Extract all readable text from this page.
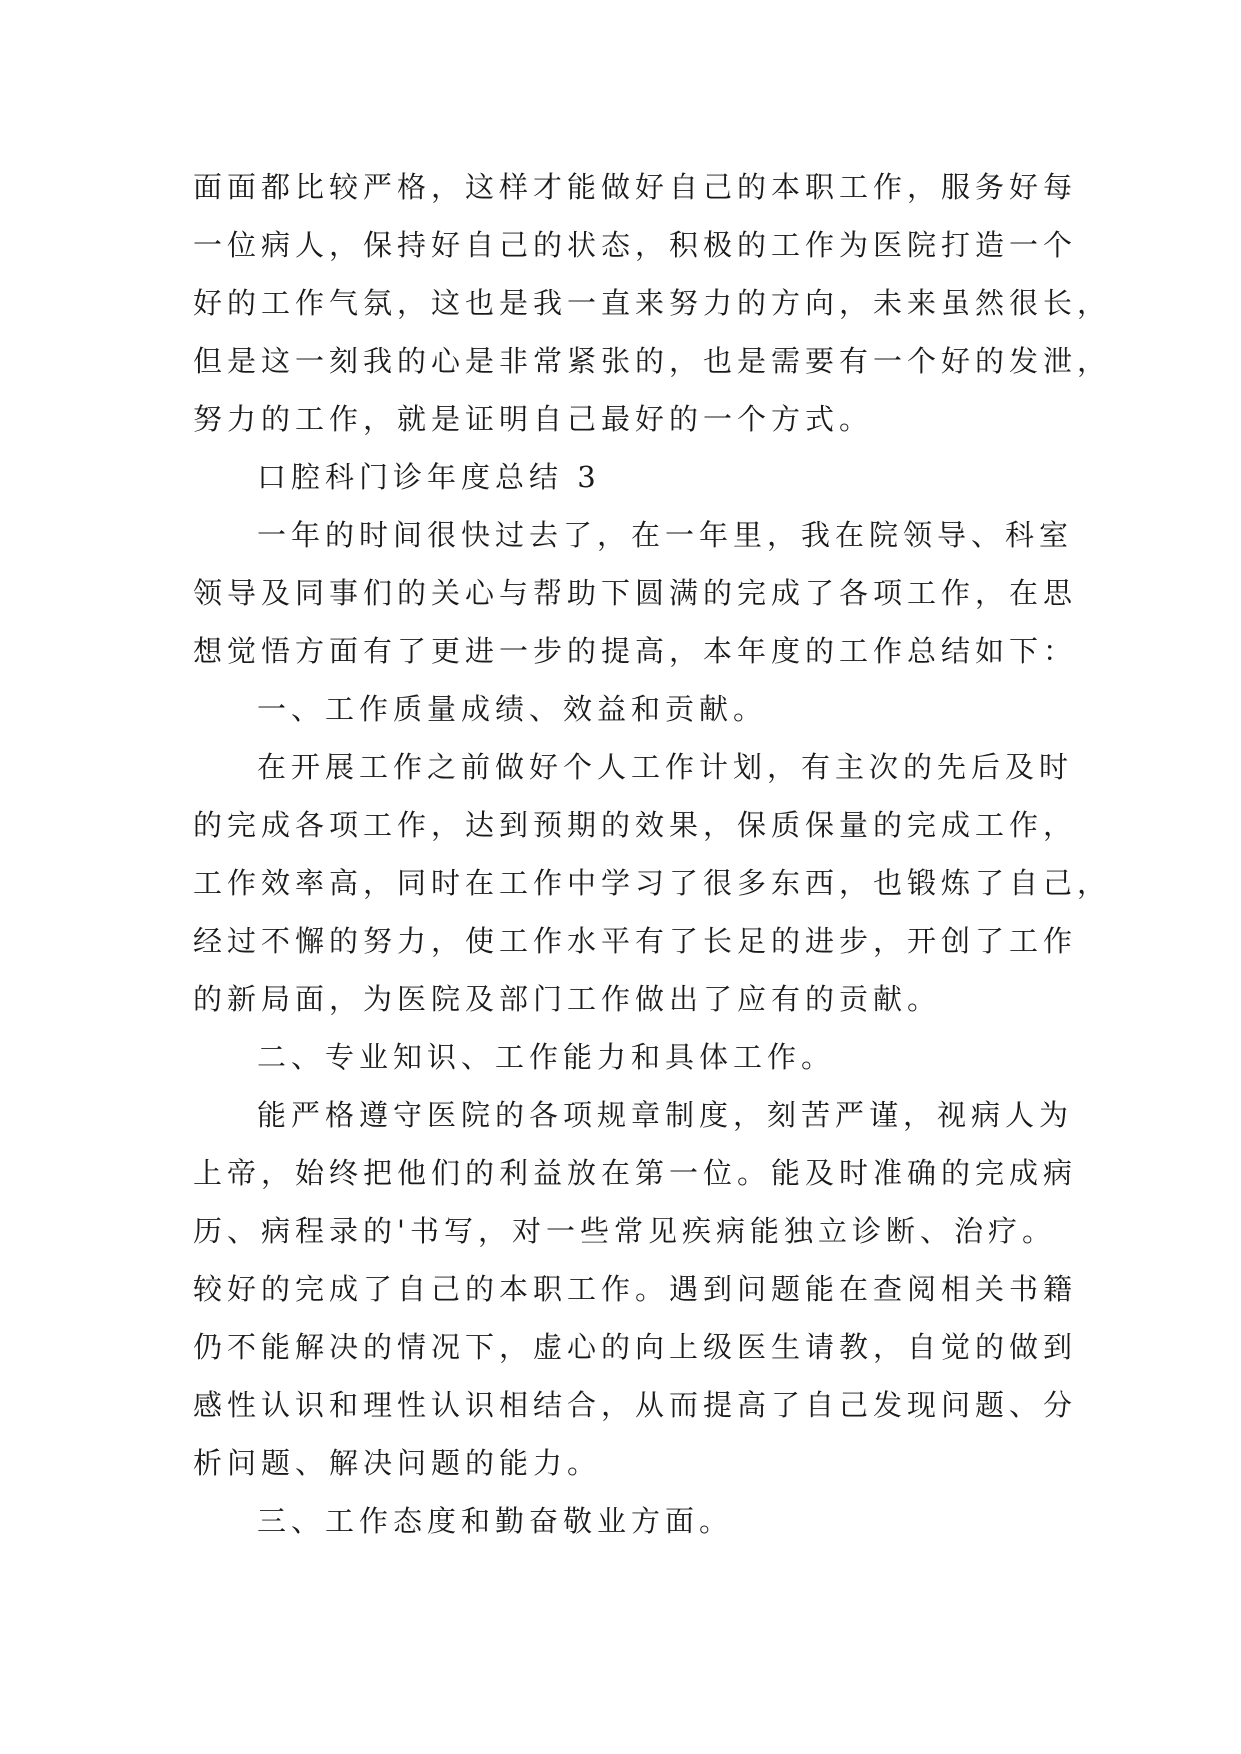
面面都比较严格，这样才能做好自己的本职工作，服务好每
一位病人，保持好自己的状态，积极的工作为医院打造一个
好的工作气氛，这也是我一直来努力的方向，未来虽然很长，
但是这一刻我的心是非常紧张的，也是需要有一个好的发泄，
努力的工作，就是证明自己最好的一个方式。
口腔科门诊年度总结 3
一年的时间很快过去了，在一年里，我在院领导、科室
领导及同事们的关心与帮助下圆满的完成了各项工作，在思
想觉悟方面有了更进一步的提高，本年度的工作总结如下：
一、工作质量成绩、效益和贡献。
在开展工作之前做好个人工作计划，有主次的先后及时
的完成各项工作，达到预期的效果，保质保量的完成工作，
工作效率高，同时在工作中学习了很多东西，也锻炼了自己，
经过不懈的努力，使工作水平有了长足的进步，开创了工作
的新局面，为医院及部门工作做出了应有的贡献。
二、专业知识、工作能力和具体工作。
能严格遵守医院的各项规章制度，刻苦严谨，视病人为
上帝，始终把他们的利益放在第一位。能及时准确的完成病
历、病程录的'书写，对一些常见疾病能独立诊断、治疗。
较好的完成了自己的本职工作。遇到问题能在查阅相关书籍
仍不能解决的情况下，虚心的向上级医生请教，自觉的做到
感性认识和理性认识相结合，从而提高了自己发现问题、分
析问题、解决问题的能力。
三、工作态度和勤奋敬业方面。
